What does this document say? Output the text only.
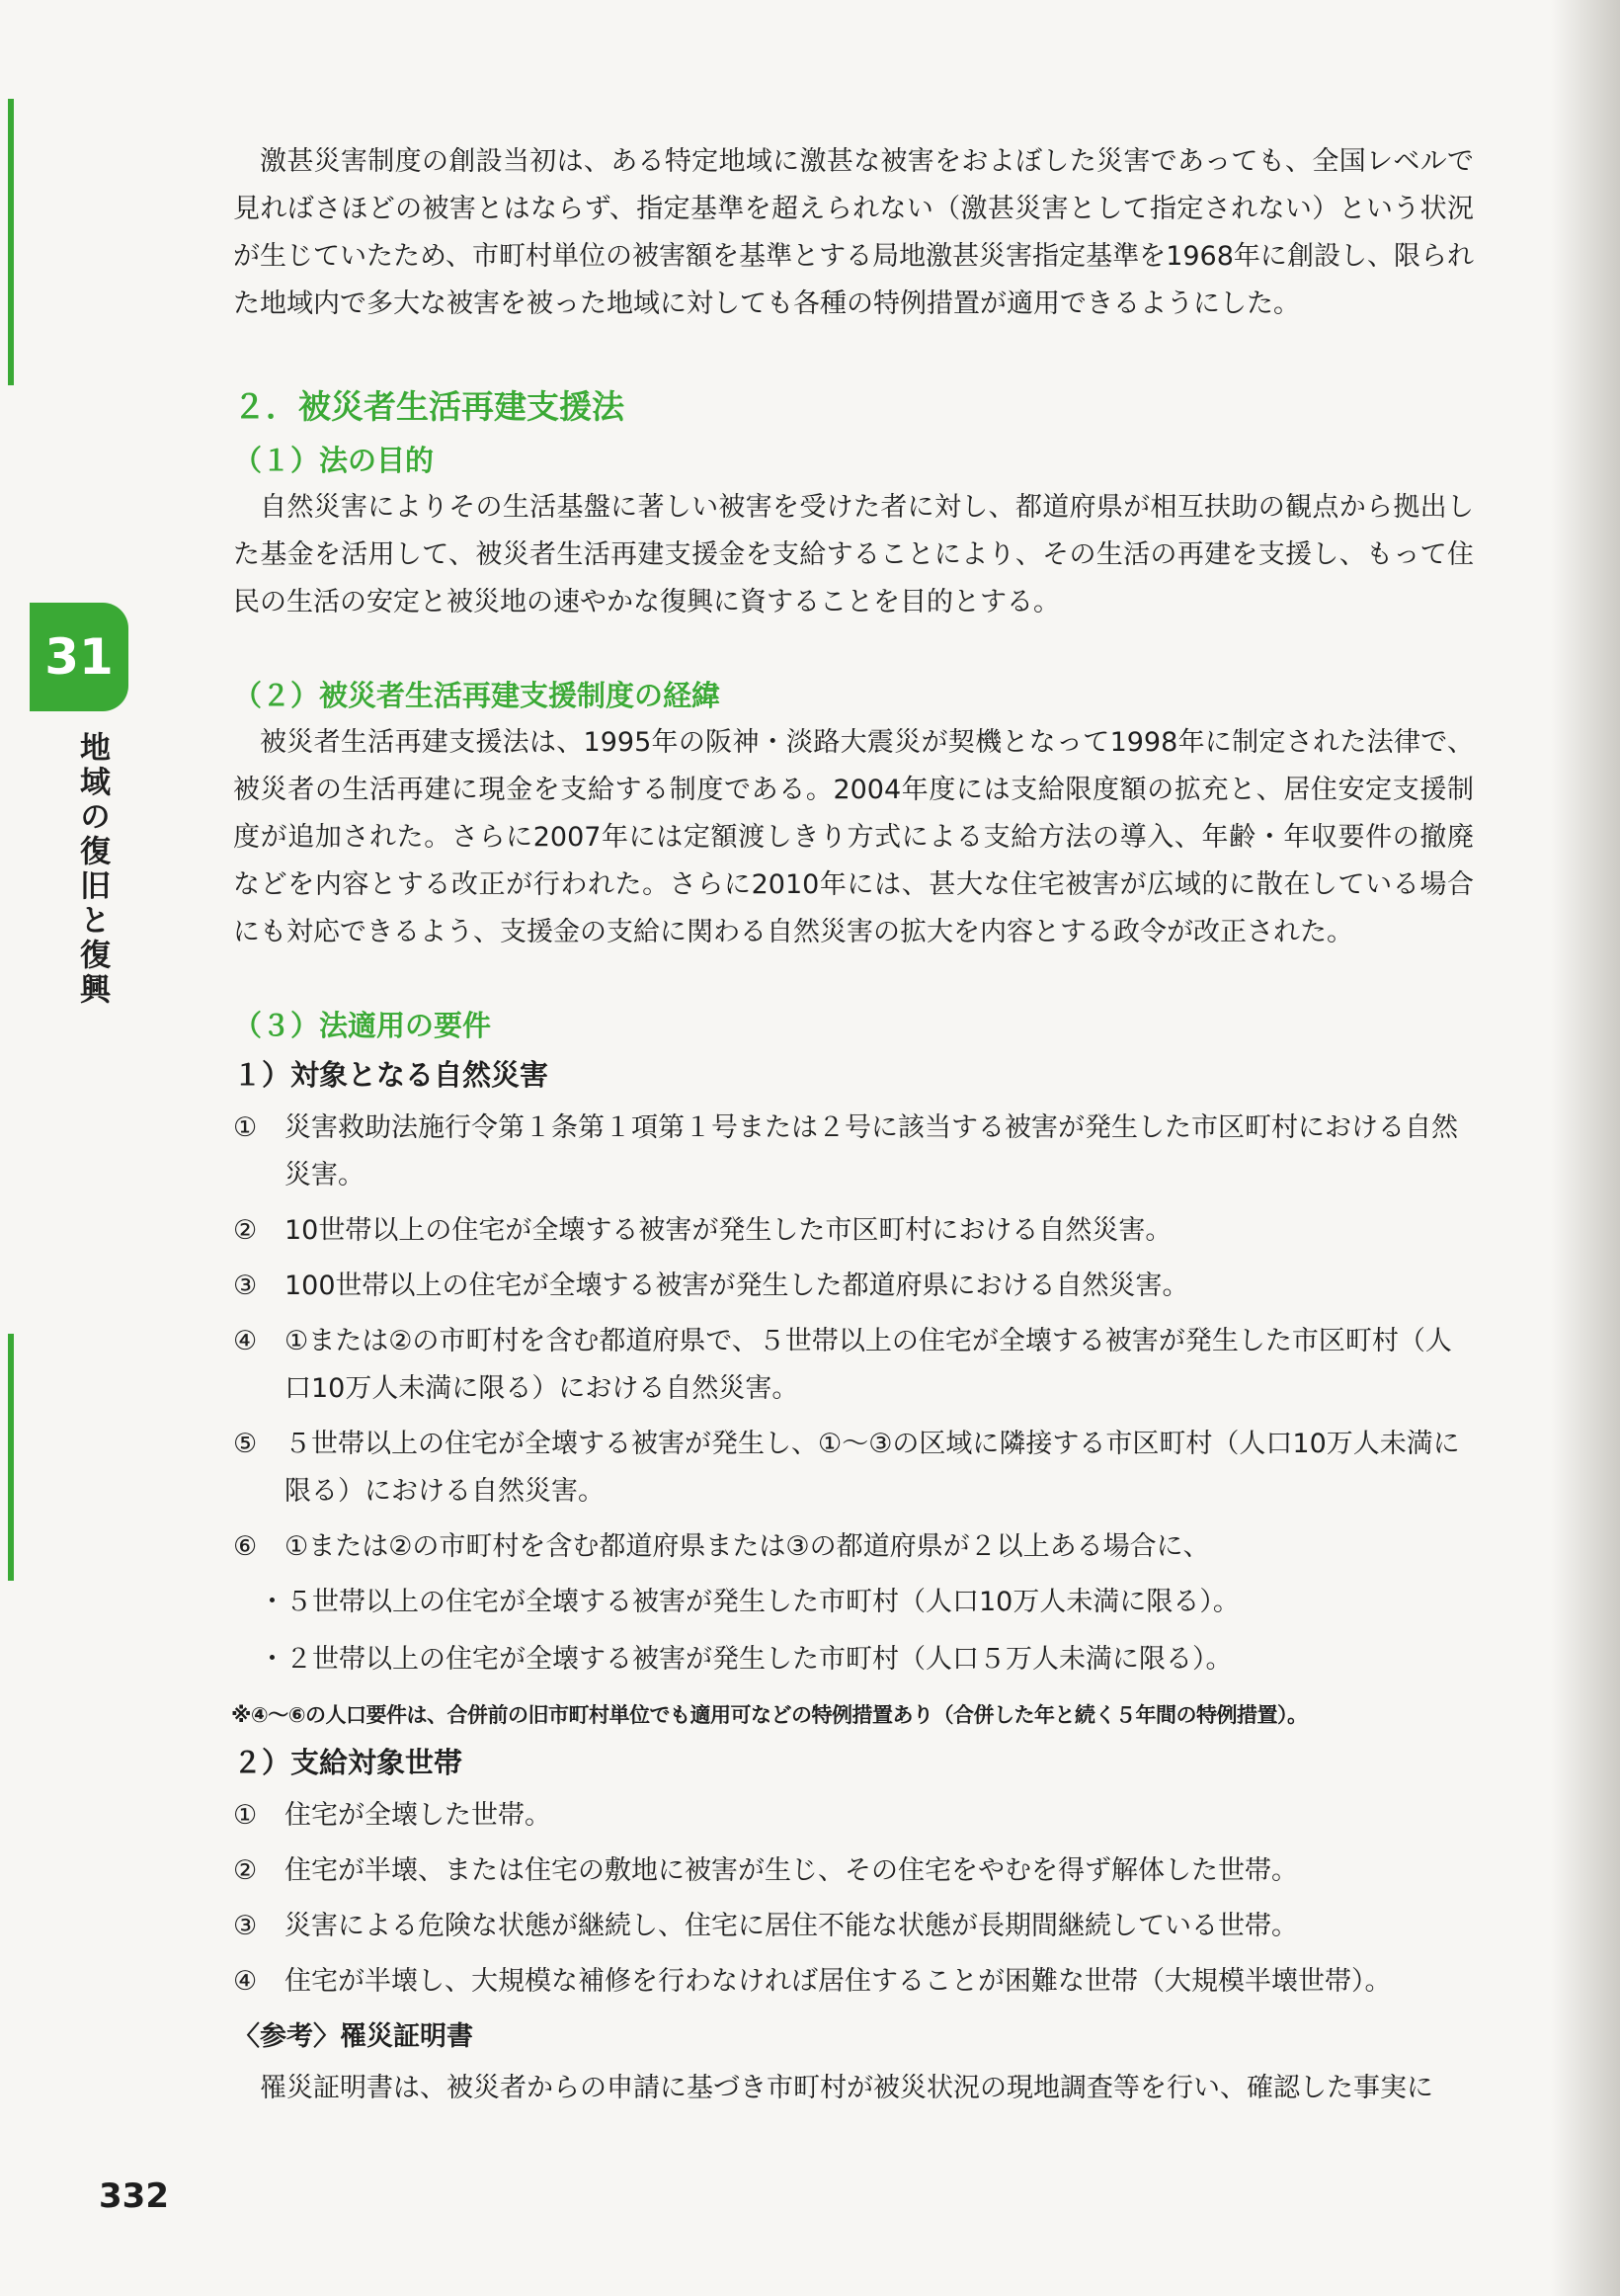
31
地域の復旧と復興

激甚災害制度の創設当初は、ある特定地域に激甚な被害をおよぼした災害であっても、全国レベルで見ればさほどの被害とはならず、指定基準を超えられない（激甚災害として指定されない）という状況が生じていたため、市町村単位の被害額を基準とする局地激甚災害指定基準を1968年に創設し、限られた地域内で多大な被害を被った地域に対しても各種の特例措置が適用できるようにした。

２．被災者生活再建支援法
（１）法の目的

自然災害によりその生活基盤に著しい被害を受けた者に対し、都道府県が相互扶助の観点から拠出した基金を活用して、被災者生活再建支援金を支給することにより、その生活の再建を支援し、もって住民の生活の安定と被災地の速やかな復興に資することを目的とする。

（２）被災者生活再建支援制度の経緯

被災者生活再建支援法は、1995年の阪神・淡路大震災が契機となって1998年に制定された法律で、被災者の生活再建に現金を支給する制度である。2004年度には支給限度額の拡充と、居住安定支援制度が追加された。さらに2007年には定額渡しきり方式による支給方法の導入、年齢・年収要件の撤廃などを内容とする改正が行われた。さらに2010年には、甚大な住宅被害が広域的に散在している場合にも対応できるよう、支援金の支給に関わる自然災害の拡大を内容とする政令が改正された。

（３）法適用の要件
１）対象となる自然災害
① 災害救助法施行令第１条第１項第１号または２号に該当する被害が発生した市区町村における自然災害。
② 10世帯以上の住宅が全壊する被害が発生した市区町村における自然災害。
③ 100世帯以上の住宅が全壊する被害が発生した都道府県における自然災害。
④ ①または②の市町村を含む都道府県で、５世帯以上の住宅が全壊する被害が発生した市区町村（人口10万人未満に限る）における自然災害。
⑤ ５世帯以上の住宅が全壊する被害が発生し、①〜③の区域に隣接する市区町村（人口10万人未満に限る）における自然災害。
⑥ ①または②の市町村を含む都道府県または③の都道府県が２以上ある場合に、
・５世帯以上の住宅が全壊する被害が発生した市町村（人口10万人未満に限る）。
・２世帯以上の住宅が全壊する被害が発生した市町村（人口５万人未満に限る）。
※④〜⑥の人口要件は、合併前の旧市町村単位でも適用可などの特例措置あり（合併した年と続く５年間の特例措置）。
２）支給対象世帯
① 住宅が全壊した世帯。
② 住宅が半壊、または住宅の敷地に被害が生じ、その住宅をやむを得ず解体した世帯。
③ 災害による危険な状態が継続し、住宅に居住不能な状態が長期間継続している世帯。
④ 住宅が半壊し、大規模な補修を行わなければ居住することが困難な世帯（大規模半壊世帯）。
〈参考〉罹災証明書

罹災証明書は、被災者からの申請に基づき市町村が被災状況の現地調査等を行い、確認した事実に

332
